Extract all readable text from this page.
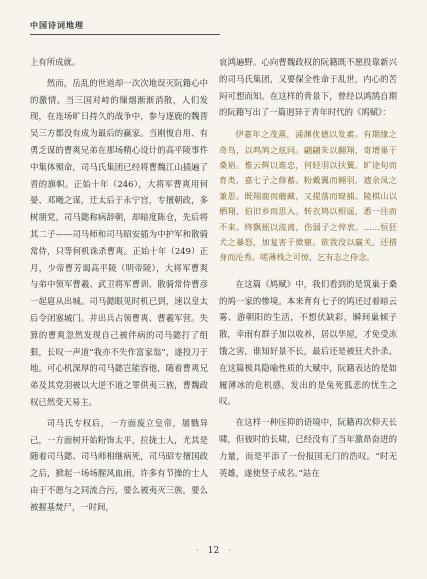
中国诗词地理

上有所成就。

然而，岳乱的世道却一次次地误灭阮籍心中的激情。当三国对峙的缫烟渐渐消散，人们发现，在连场旷日持久的战争中，参与逐鹿的魏晋吴三方都没有成为最后的赢家。当刚愎自用、有勇乏谋的曹爽兄弟在那场精心设计的高平陵事件中集体殒命，司马氏集团已经将曹魏江山插遍了晋的旗帜。正始十年（246），大将军曹爽用何晏、邓飏之谋，迁太后于永宁宫，专擅朝政，多树朋党。司马懿称病辞朝，却暗度陈仓，先后将其二子——司马师和司马昭安插为中护军和散骑常侍，只等何机诛杀曹爽。正始十年（249）正月，少帝曹芳谒高平陵（明帝陵），大将军曹爽与弟中领军曹羲、武卫将军曹训、散骑常侍曹彦一起扈从出城。司马懿眼见时机已到，速以皇太后令闭塞城门。并出兵占领曹爽、曹羲军营。失算的曹爽忽然发现自己被伴病的司马懿打了组狠，长叹一声道“我亦不失作富家翁”，遂投刀于地。可心机深厚的司马懿岂能容他，随着曹爽兄弟及其党羽被以大逆不道之罪供夷三族，曹魏政权已然变天易主。

司马氏专权后，一方面废立皇帝，屠戮异己，一方面树开始粉饰太平，拉拢士人，尤其是随着司马懿、司马师相继病死，司马昭专擅国政之后，掀起一场场腥风血雨，许多有节操的士人由于不愿与之同流合污，要么被夷灭三族，要么被握基焚尸，一时间，

哀鸿遍野。心向曹魏政权的阮籍既不愿投靠新兴的司马氏集团，又要保全性命于乱世，内心的苦闷可想而知。在这样的背景下，曾经以鸿鹄自期的阮籍写出了一篇迥异于青年时代的《鸠赋》：

伊嘉年之茂熹，涌渊优德以发素。有期缘之奇鸟，以鸣鸠之炫同。翩翩朱以翻翔，寄增巢于桑裕。惟云辉以谁忠，何轻羽以扶翼。旷途旬而育类，嘉七子之修蓄。粉戴翼而翱羽，遗余凤之兼思。既翔鹿而蘑藏，又提落而窥捕。陵棋山以栖翔，伯旧乡而思入。转衣鸠以相遥，悉一往而不来。终飘摇以流离，伤弱子之悴衷。……恒狂犬之暴怒，加复害于微躯。欲我没以羸关，还措身而沦秀。嗟薄栈之可悼，乞有志之侍念。

在这篇《鸠赋》中，我们看到的是筑巢于桑的鸠一家的惨境。本来育有七子的鸠还过着暗云雾、游朝阳的生活，不想伏缺彩，瞬间巢倾子散，幸雨有群子加以收养，居以华屋，才免受冻饿之害，谁知好景不长，最后还是被狂犬扑杀。在这篇极具隐喻性质的大赋中，阮籍表达的是如履薄冰的危机感，发出的是兔死狐悲的忧生之叹。

在这样一种压抑的语境中，阮籍再次仰天长啸，但彼时的长啸，已经没有了当年激昂奋进的力量，而是平添了一份报国无门的浩叹。“时无英雄，遂使竖子成名。”站在

· 12 ·
